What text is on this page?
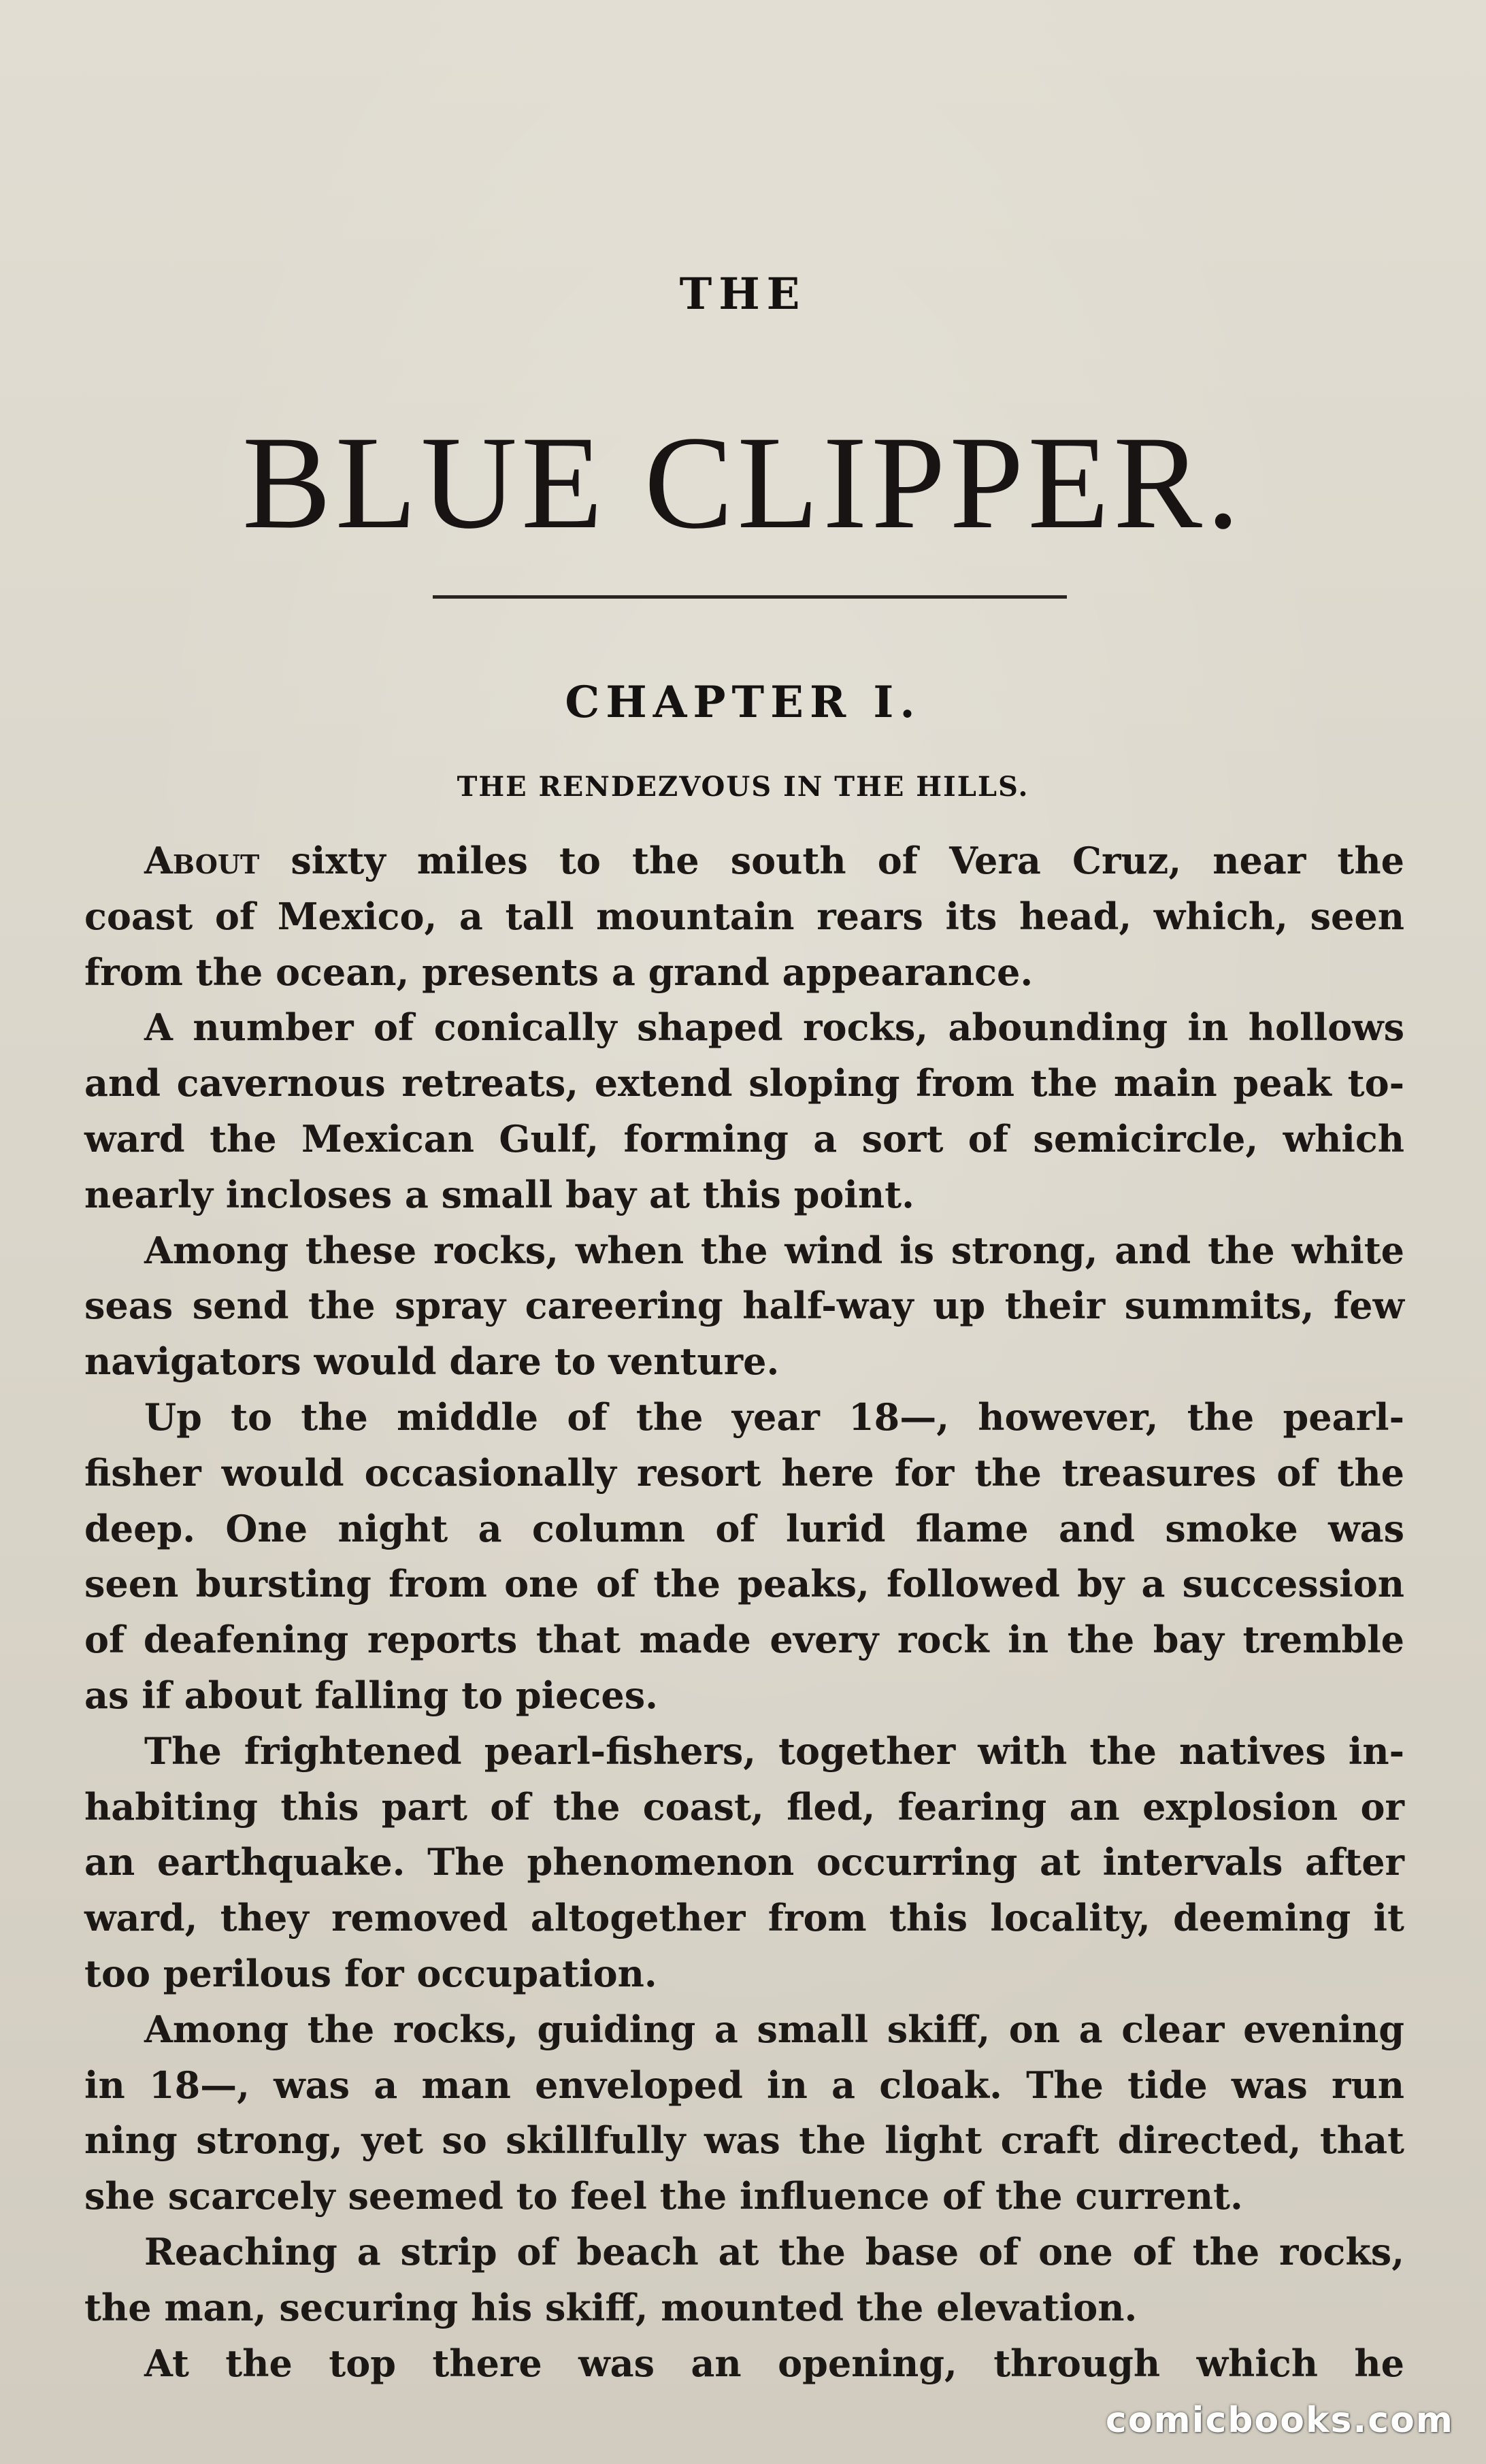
THE
BLUE CLIPPER.
CHAPTER I.
THE RENDEZVOUS IN THE HILLS.
About sixty miles to the south of Vera Cruz, near the
coast of Mexico, a tall mountain rears its head, which, seen
from the ocean, presents a grand appearance.
A number of conically shaped rocks, abounding in hollows
and cavernous retreats, extend sloping from the main peak to-
ward the Mexican Gulf, forming a sort of semicircle, which
nearly incloses a small bay at this point.
Among these rocks, when the wind is strong, and the white
seas send the spray careering half-way up their summits, few
navigators would dare to venture.
Up to the middle of the year 18—, however, the pearl-
fisher would occasionally resort here for the treasures of the
deep. One night a column of lurid flame and smoke was
seen bursting from one of the peaks, followed by a succession
of deafening reports that made every rock in the bay tremble
as if about falling to pieces.
The frightened pearl-fishers, together with the natives in-
habiting this part of the coast, fled, fearing an explosion or
an earthquake. The phenomenon occurring at intervals after
ward, they removed altogether from this locality, deeming it
too perilous for occupation.
Among the rocks, guiding a small skiff, on a clear evening
in 18—, was a man enveloped in a cloak. The tide was run
ning strong, yet so skillfully was the light craft directed, that
she scarcely seemed to feel the influence of the current.
Reaching a strip of beach at the base of one of the rocks,
the man, securing his skiff, mounted the elevation.
At the top there was an opening, through which he
comicbooks.com
